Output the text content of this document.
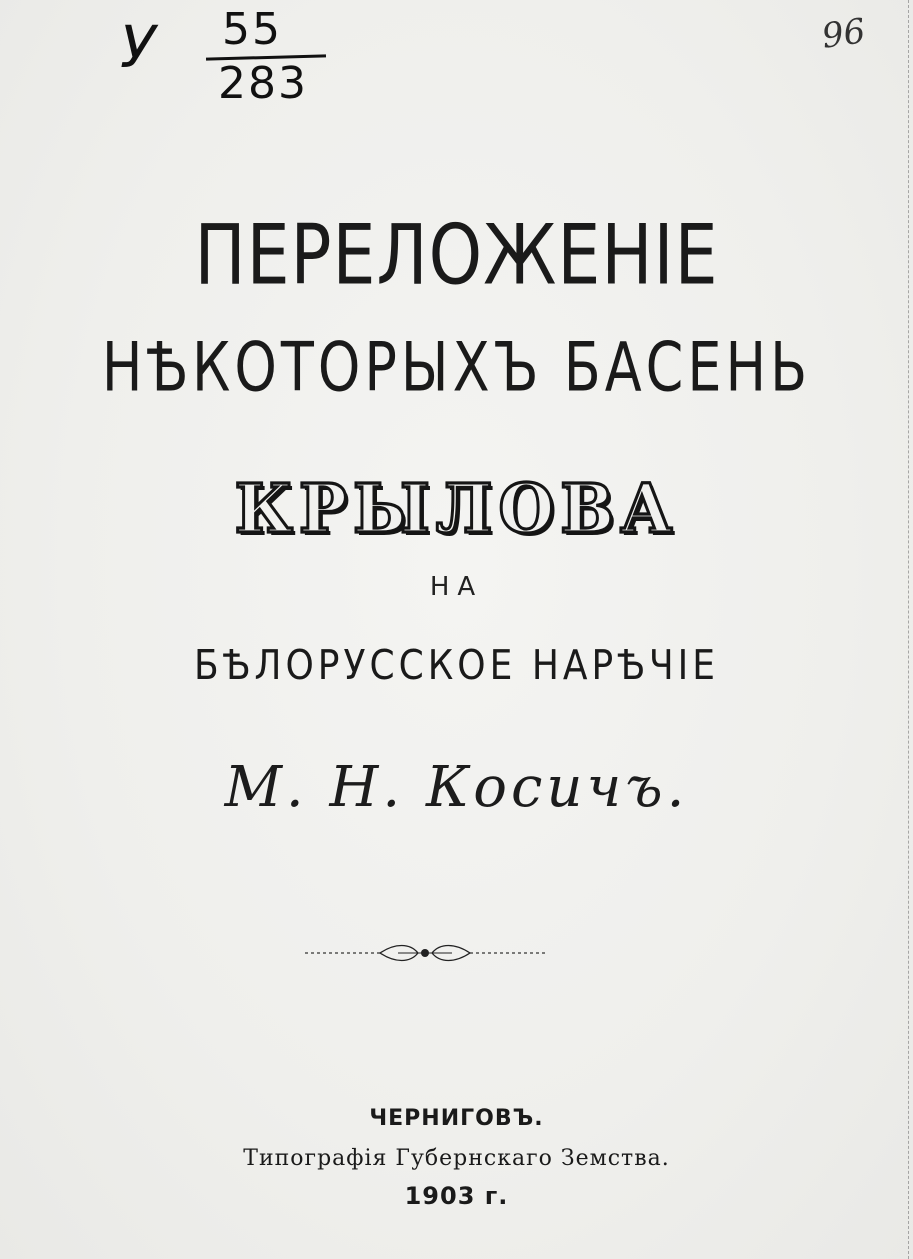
У 55
283
96
ПЕРЕЛОЖЕНІЕ
НѢКОТОРЫХЪ БАСЕНЬ
КРЫЛОВА
НА
БѢЛОРУССКОЕ НАРѢЧІЕ
М. Н. Косичъ.
ЧЕРНИГОВЪ.
Типографія Губернскаго Земства.
1903 г.
